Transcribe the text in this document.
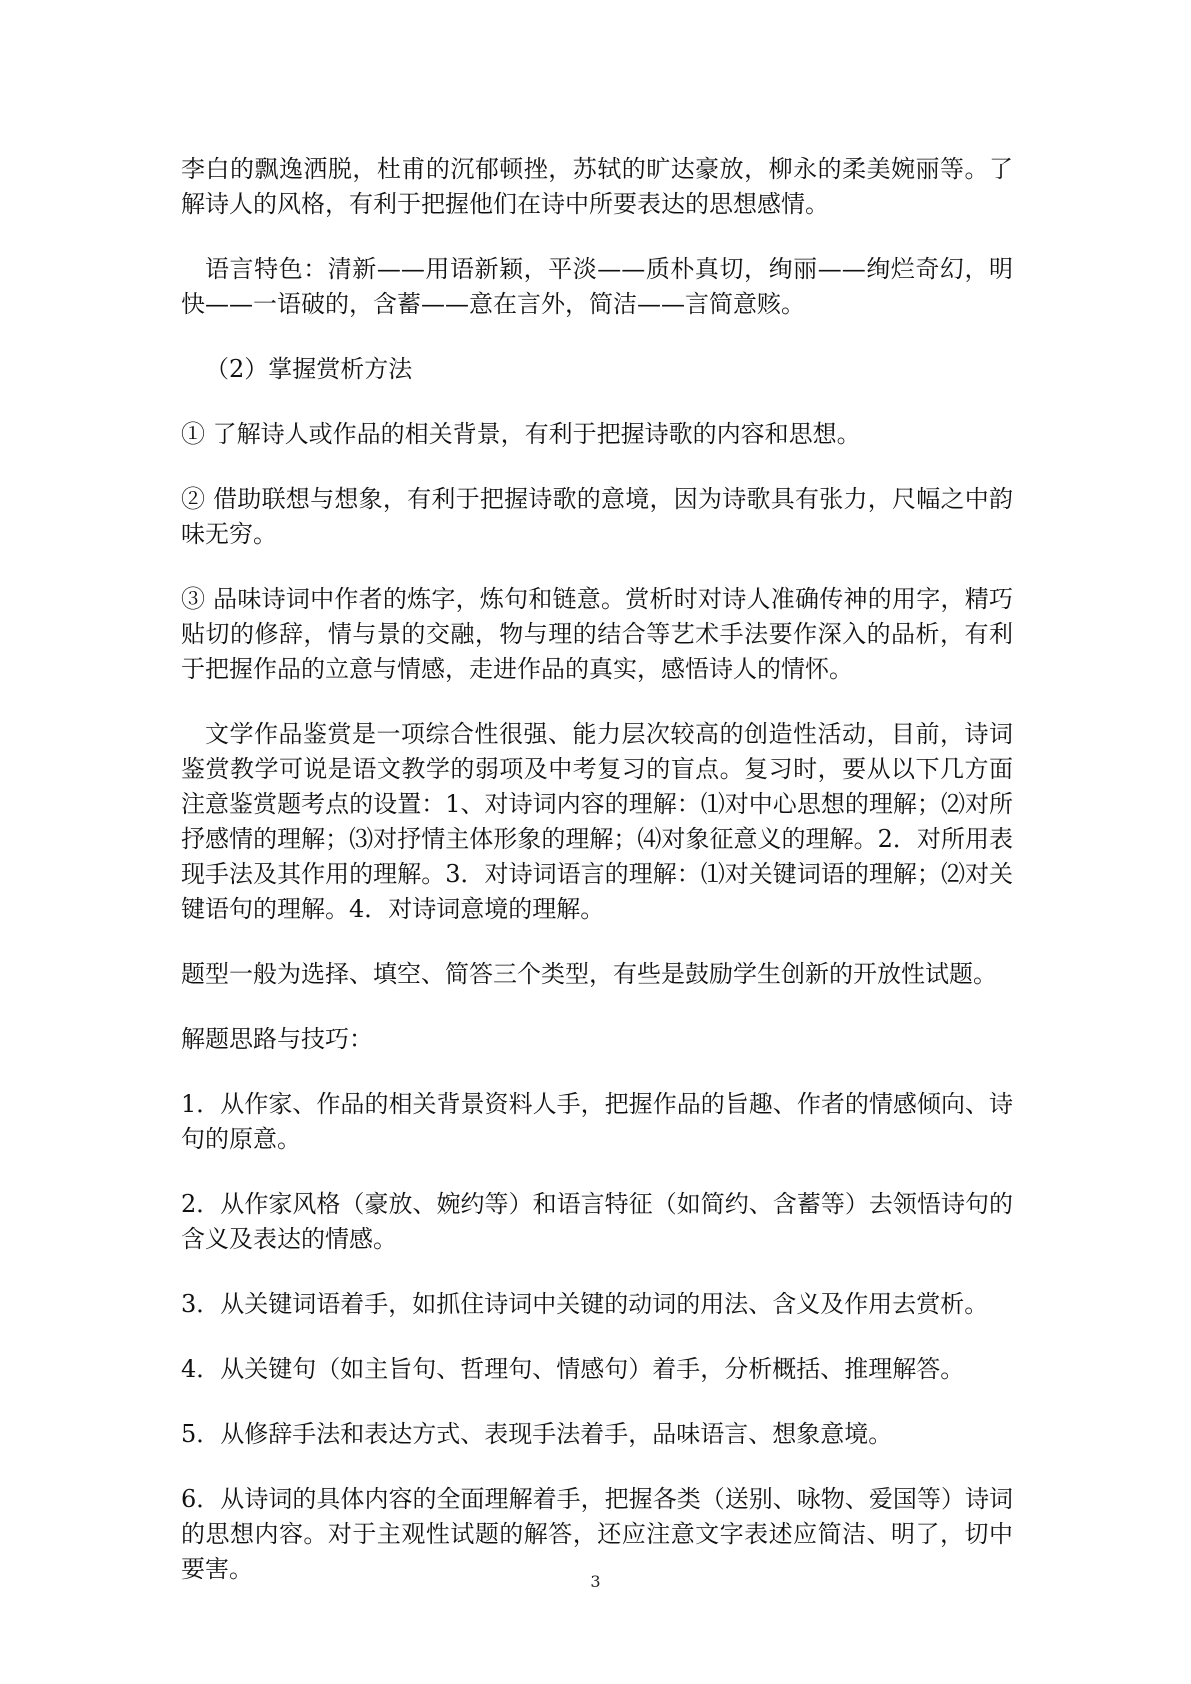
李白的飘逸洒脱，杜甫的沉郁顿挫，苏轼的旷达豪放，柳永的柔美婉丽等。了解诗人的风格，有利于把握他们在诗中所要表达的思想感情。

语言特色：清新——用语新颖，平淡——质朴真切，绚丽——绚烂奇幻，明快——一语破的，含蓄——意在言外，简洁——言简意赅。

（2）掌握赏析方法

① 了解诗人或作品的相关背景，有利于把握诗歌的内容和思想。

② 借助联想与想象，有利于把握诗歌的意境，因为诗歌具有张力，尺幅之中韵味无穷。

③ 品味诗词中作者的炼字，炼句和链意。赏析时对诗人准确传神的用字，精巧贴切的修辞，情与景的交融，物与理的结合等艺术手法要作深入的品析，有利于把握作品的立意与情感，走进作品的真实，感悟诗人的情怀。

文学作品鉴赏是一项综合性很强、能力层次较高的创造性活动，目前，诗词鉴赏教学可说是语文教学的弱项及中考复习的盲点。复习时，要从以下几方面注意鉴赏题考点的设置：1、对诗词内容的理解：⑴对中心思想的理解；⑵对所抒感情的理解；⑶对抒情主体形象的理解；⑷对象征意义的理解。2．对所用表现手法及其作用的理解。3．对诗词语言的理解：⑴对关键词语的理解；⑵对关键语句的理解。4．对诗词意境的理解。

题型一般为选择、填空、简答三个类型，有些是鼓励学生创新的开放性试题。

解题思路与技巧：

1．从作家、作品的相关背景资料人手，把握作品的旨趣、作者的情感倾向、诗句的原意。

2．从作家风格（豪放、婉约等）和语言特征（如简约、含蓄等）去领悟诗句的含义及表达的情感。

3．从关键词语着手，如抓住诗词中关键的动词的用法、含义及作用去赏析。

4．从关键句（如主旨句、哲理句、情感句）着手，分析概括、推理解答。

5．从修辞手法和表达方式、表现手法着手，品味语言、想象意境。

6．从诗词的具体内容的全面理解着手，把握各类（送别、咏物、爱国等）诗词的思想内容。对于主观性试题的解答，还应注意文字表述应简洁、明了，切中要害。	3
